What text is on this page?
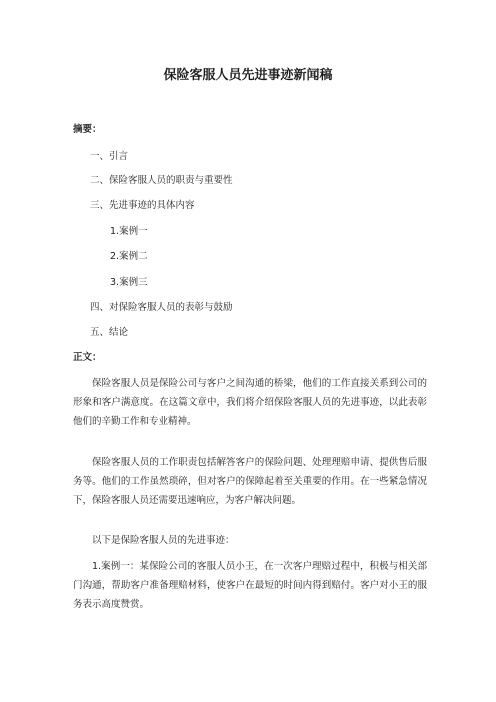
保险客服人员先进事迹新闻稿
摘要：
一、引言
二、保险客服人员的职责与重要性
三、先进事迹的具体内容
1.案例一
2.案例二
3.案例三
四、对保险客服人员的表彰与鼓励
五、结论
正文：
保险客服人员是保险公司与客户之间沟通的桥梁，他们的工作直接关系到公司的形象和客户满意度。在这篇文章中，我们将介绍保险客服人员的先进事迹，以此表彰他们的辛勤工作和专业精神。
保险客服人员的工作职责包括解答客户的保险问题、处理理赔申请、提供售后服务等。他们的工作虽然琐碎，但对客户的保障起着至关重要的作用。在一些紧急情况下，保险客服人员还需要迅速响应，为客户解决问题。
以下是保险客服人员的先进事迹：
1.案例一：某保险公司的客服人员小王，在一次客户理赔过程中，积极与相关部门沟通，帮助客户准备理赔材料，使客户在最短的时间内得到赔付。客户对小王的服务表示高度赞赏。
